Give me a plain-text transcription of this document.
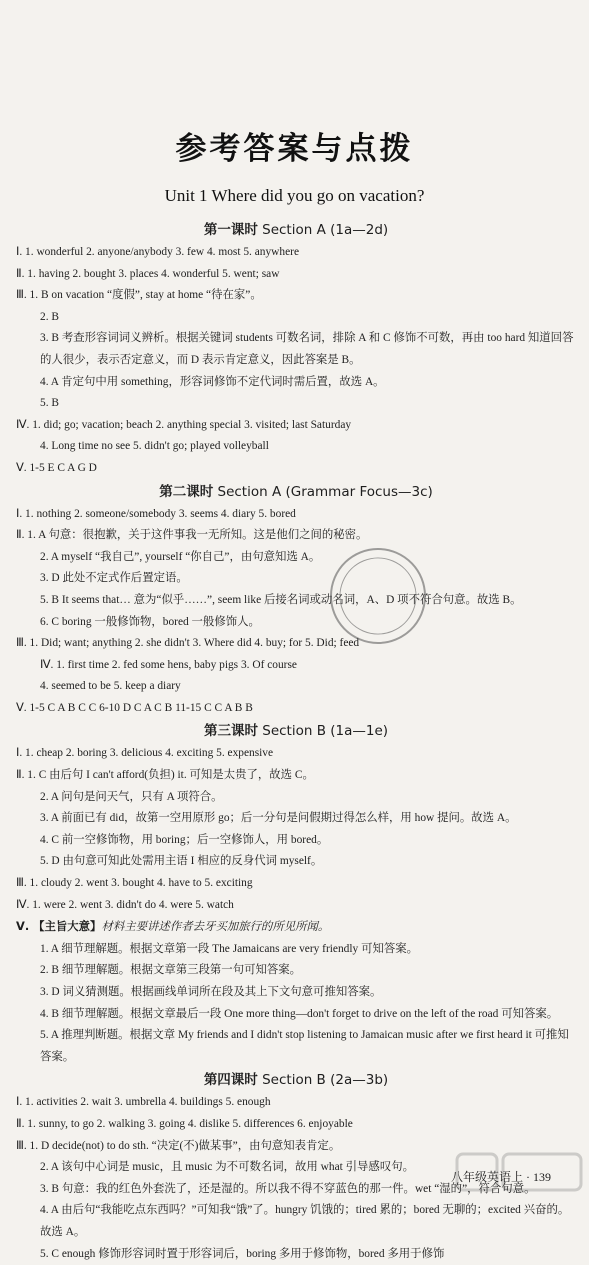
参考答案与点拨
Unit 1 Where did you go on vacation?
第一课时 Section A (1a—2d)
Ⅰ. 1. wonderful 2. anyone/anybody 3. few 4. most 5. anywhere
Ⅱ. 1. having 2. bought 3. places 4. wonderful 5. went; saw
Ⅲ. 1. B on vacation “度假”, stay at home “待在家”。
2. B
3. B 考查形容词词义辨析。根据关键词 students 可数名词，排除 A 和 C 修饰不可数，再由 too hard 知道回答的人很少，表示否定意义，而 D 表示肯定意义，因此答案是 B。
4. A 肯定句中用 something，形容词修饰不定代词时需后置，故选 A。
5. B
Ⅳ. 1. did; go; vacation; beach 2. anything special 3. visited; last Saturday
4. Long time no see 5. didn't go; played volleyball
Ⅴ. 1-5 E C A G D
第二课时 Section A (Grammar Focus—3c)
Ⅰ. 1. nothing 2. someone/somebody 3. seems 4. diary 5. bored
Ⅱ. 1. A 句意：很抱歉，关于这件事我一无所知。这是他们之间的秘密。
2. A myself “我自己”, yourself “你自己”，由句意知选 A。
3. D 此处不定式作后置定语。
5. B It seems that… 意为“似乎……”, seem like 后接名词或动名词，A、D 项不符合句意。故选 B。
6. C boring 一般修饰物，bored 一般修饰人。
Ⅲ. 1. Did; want; anything 2. she didn't 3. Where did 4. buy; for 5. Did; feed
Ⅳ. 1. first time 2. fed some hens, baby pigs 3. Of course
4. seemed to be 5. keep a diary
Ⅴ. 1-5 C A B C C 6-10 D C A C B 11-15 C C A B B
第三课时 Section B (1a—1e)
Ⅰ. 1. cheap 2. boring 3. delicious 4. exciting 5. expensive
Ⅱ. 1. C 由后句 I can't afford(负担) it. 可知是太贵了，故选 C。
2. A 问句是问天气，只有 A 项符合。
3. A 前面已有 did，故第一空用原形 go；后一分句是问假期过得怎么样，用 how 提问。故选 A。
4. C 前一空修饰物，用 boring；后一空修饰人，用 bored。
5. D 由句意可知此处需用主语 I 相应的反身代词 myself。
Ⅲ. 1. cloudy 2. went 3. bought 4. have to 5. exciting
Ⅳ. 1. were 2. went 3. didn't do 4. were 5. watch
Ⅴ. 【主旨大意】材料主要讲述作者去牙买加旅行的所见所闻。
1. A 细节理解题。根据文章第一段 The Jamaicans are very friendly 可知答案。
2. B 细节理解题。根据文章第三段第一句可知答案。
3. D 词义猜测题。根据画线单词所在段及其上下文句意可推知答案。
4. B 细节理解题。根据文章最后一段 One more thing—don't forget to drive on the left of the road 可知答案。
5. A 推理判断题。根据文章 My friends and I didn't stop listening to Jamaican music after we first heard it 可推知答案。
第四课时 Section B (2a—3b)
Ⅰ. 1. activities 2. wait 3. umbrella 4. buildings 5. enough
Ⅱ. 1. sunny, to go 2. walking 3. going 4. dislike 5. differences 6. enjoyable
Ⅲ. 1. D decide(not) to do sth. “决定(不)做某事”，由句意知表肯定。
2. A 该句中心词是 music，且 music 为不可数名词，故用 what 引导感叹句。
3. B 句意：我的红色外套洗了，还是湿的。所以我不得不穿蓝色的那一件。wet “湿的”，符合句意。
4. A 由后句“我能吃点东西吗？”可知我“饿”了。hungry 饥饿的；tired 累的；bored 无聊的；excited 兴奋的。故选 A。
5. C enough 修饰形容词时置于形容词后，boring 多用于修饰物，bored 多用于修饰
八年级英语上 · 139
